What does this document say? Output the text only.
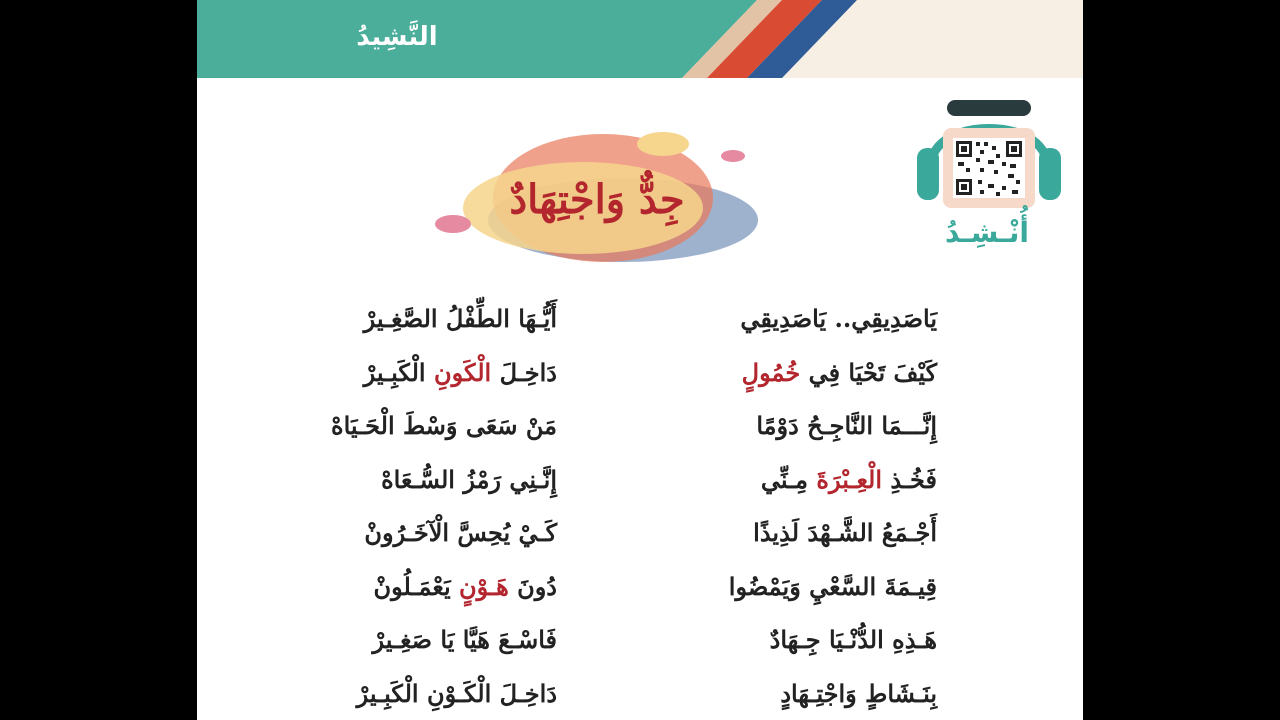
النَّشِيدُ
أُنْـشِـدُ
جِدٌّ وَاجْتِهَادٌ
يَاصَدِيقِي.. يَاصَدِيقِي
كَيْفَ تَحْيَا فِي خُمُولٍ
إِنَّـــمَا النَّاجِـحُ دَوْمًا
فَخُـذِ الْعِـبْرَةَ مِـنِّي
أَجْـمَعُ الشَّـهْدَ لَذِيذًا
قِيـمَةَ السَّعْيِ وَيَمْضُوا
هَـذِهِ الدُّنْـيَا جِـهَادٌ
بِنَـشَاطٍ وَاجْتِـهَادٍ
أَيُّـهَا الطِّفْلُ الصَّغِـيرْ
دَاخِـلَ الْكَونِ الْكَبِـيرْ
مَنْ سَعَى وَسْطَ الْحَـيَاهْ
إِنَّـنِي رَمْزُ السُّـعَاهْ
كَـيْ يُحِسَّ الْآخَـرُونْ
دُونَ هَـوْنٍ يَعْمَـلُونْ
فَاسْـعَ هَيَّا يَا صَغِـيرْ
دَاخِـلَ الْكَـوْنِ الْكَبِـيرْ
